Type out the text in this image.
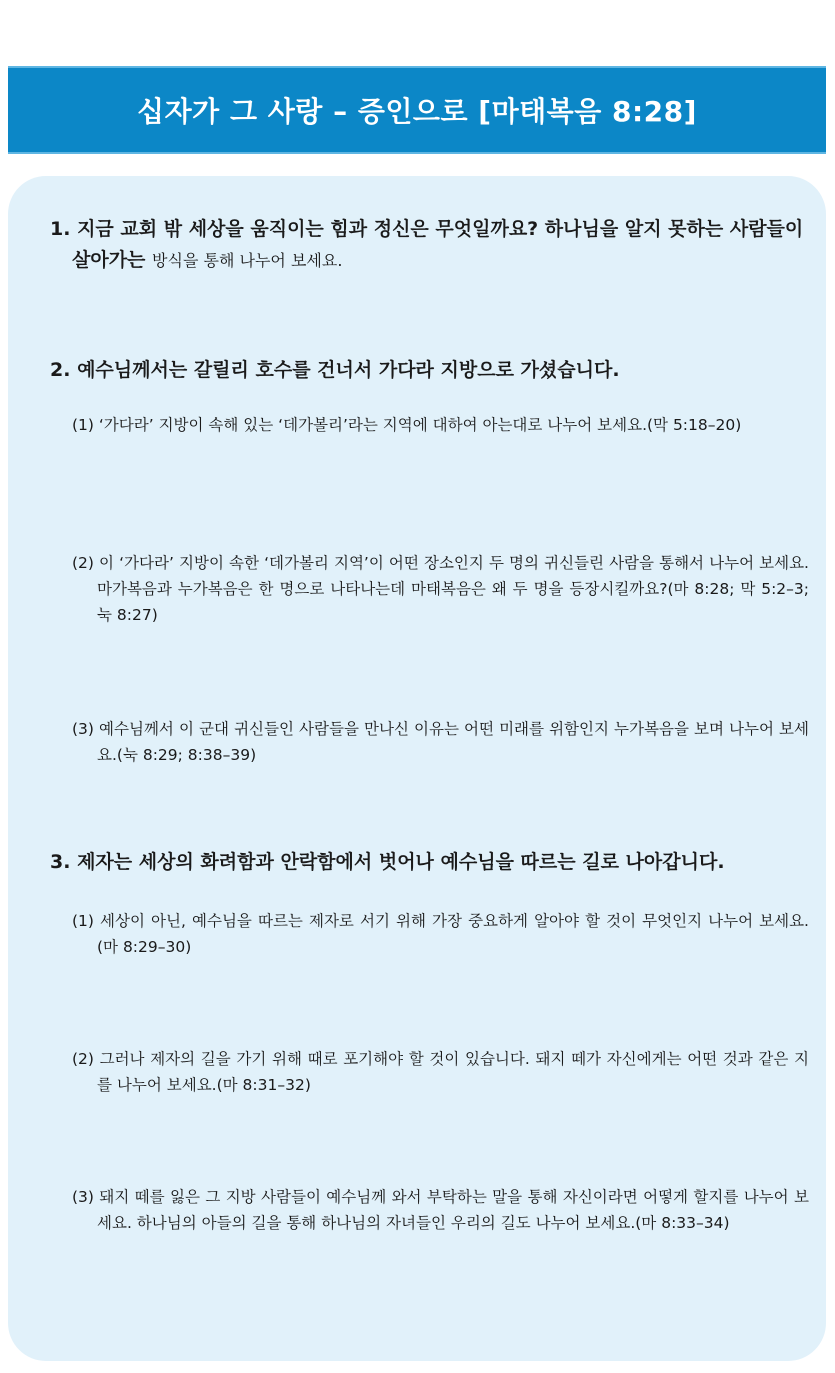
십자가 그 사랑 – 증인으로 [마태복음 8:28]
1. 지금 교회 밖 세상을 움직이는 힘과 정신은 무엇일까요? 하나님을 알지 못하는 사람들이 살아가는 방식을 통해 나누어 보세요.
2. 예수님께서는 갈릴리 호수를 건너서 가다라 지방으로 가셨습니다.
(1) ‘가다라’ 지방이 속해 있는 ‘데가볼리’라는 지역에 대하여 아는대로 나누어 보세요.(막 5:18–20)
(2) 이 ‘가다라’ 지방이 속한 ‘데가볼리 지역’이 어떤 장소인지 두 명의 귀신들린 사람을 통해서 나누어 보세요. 마가복음과 누가복음은 한 명으로 나타나는데 마태복음은 왜 두 명을 등장시킬까요?(마 8:28; 막 5:2–3; 눅 8:27)
(3) 예수님께서 이 군대 귀신들인 사람들을 만나신 이유는 어떤 미래를 위함인지 누가복음을 보며 나누어 보세요.(눅 8:29; 8:38–39)
3. 제자는 세상의 화려함과 안락함에서 벗어나 예수님을 따르는 길로 나아갑니다.
(1) 세상이 아닌, 예수님을 따르는 제자로 서기 위해 가장 중요하게 알아야 할 것이 무엇인지 나누어 보세요.(마 8:29–30)
(2) 그러나 제자의 길을 가기 위해 때로 포기해야 할 것이 있습니다. 돼지 떼가 자신에게는 어떤 것과 같은 지를 나누어 보세요.(마 8:31–32)
(3) 돼지 떼를 잃은 그 지방 사람들이 예수님께 와서 부탁하는 말을 통해 자신이라면 어떻게 할지를 나누어 보세요. 하나님의 아들의 길을 통해 하나님의 자녀들인 우리의 길도 나누어 보세요.(마 8:33–34)
